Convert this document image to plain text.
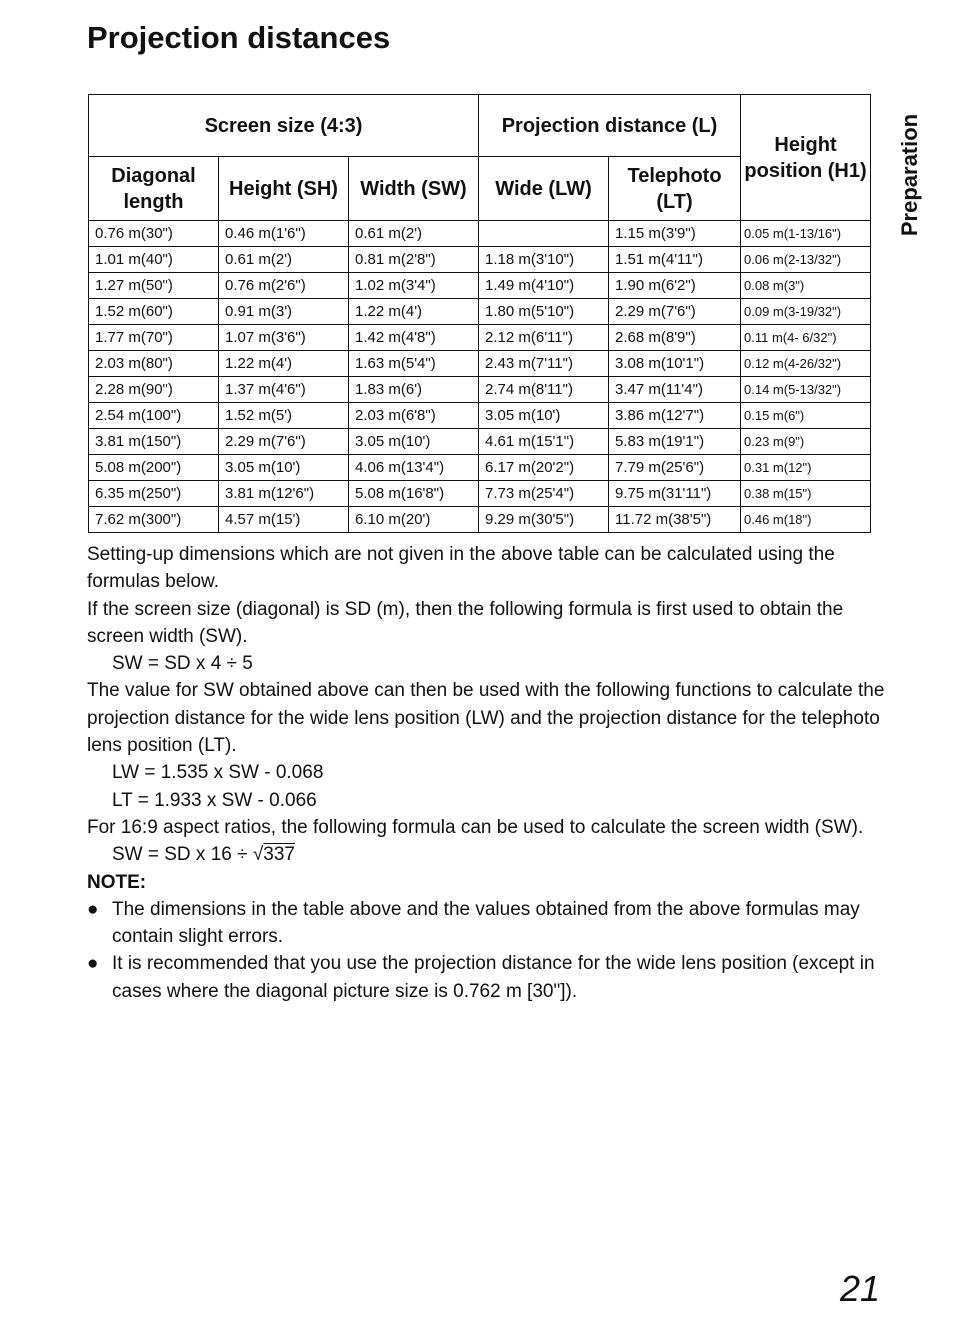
Projection distances
Preparation
Screen size (4:3)			Projection distance (L)		Height position (H1)
Diagonal length	Height (SH)	Width (SW)	Wide (LW)	Telephoto (LT)	
0.76 m(30")	0.46 m(1'6")	0.61 m(2')		1.15 m(3'9")	0.05 m(1-13/16")
1.01 m(40")	0.61 m(2')	0.81 m(2'8")	1.18 m(3'10")	1.51 m(4'11")	0.06 m(2-13/32")
1.27 m(50")	0.76 m(2'6")	1.02 m(3'4")	1.49 m(4'10")	1.90 m(6'2")	0.08 m(3")
1.52 m(60")	0.91 m(3')	1.22 m(4')	1.80 m(5'10")	2.29 m(7'6")	0.09 m(3-19/32")
1.77 m(70")	1.07 m(3'6")	1.42 m(4'8")	2.12 m(6'11")	2.68 m(8'9")	0.11 m(4- 6/32")
2.03 m(80")	1.22 m(4')	1.63 m(5'4")	2.43 m(7'11")	3.08 m(10'1")	0.12 m(4-26/32")
2.28 m(90")	1.37 m(4'6")	1.83 m(6')	2.74 m(8'11")	3.47 m(11'4")	0.14 m(5-13/32")
2.54 m(100")	1.52 m(5')	2.03 m(6'8")	3.05 m(10')	3.86 m(12'7")	0.15 m(6")
3.81 m(150")	2.29 m(7'6")	3.05 m(10')	4.61 m(15'1")	5.83 m(19'1")	0.23 m(9")
5.08 m(200")	3.05 m(10')	4.06 m(13'4")	6.17 m(20'2")	7.79 m(25'6")	0.31 m(12")
6.35 m(250")	3.81 m(12'6")	5.08 m(16'8")	7.73 m(25'4")	9.75 m(31'11")	0.38 m(15")
7.62 m(300")	4.57 m(15')	6.10 m(20')	9.29 m(30'5")	11.72 m(38'5")	0.46 m(18")

Setting-up dimensions which are not given in the above table can be calculated using the formulas below.

If the screen size (diagonal) is SD (m), then the following formula is first used to obtain the screen width (SW).

SW = SD x 4 ÷ 5

The value for SW obtained above can then be used with the following functions to calculate the projection distance for the wide lens position (LW) and the projection distance for the telephoto lens position (LT).

LW = 1.535 x SW - 0.068

LT = 1.933 x SW - 0.066

For 16:9 aspect ratios, the following formula can be used to calculate the screen width (SW).

SW = SD x 16 ÷ √337

NOTE:

● The dimensions in the table above and the values obtained from the above formulas may contain slight errors.
● It is recommended that you use the projection distance for the wide lens position (except in cases where the diagonal picture size is 0.762 m [30"]).
21
